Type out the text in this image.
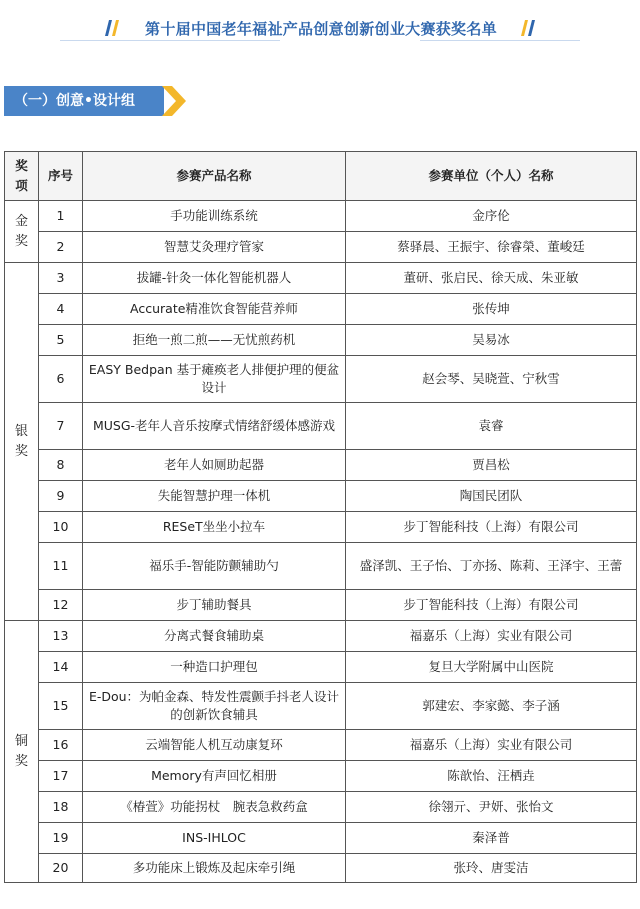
第十届中国老年福祉产品创意创新创业大赛获奖名单
（一）创意•设计组
奖项	序号	参赛产品名称	参赛单位（个人）名称

金
奖	1	手功能训练系统	金序伦
	2	智慧艾灸理疗管家	蔡驿晨、王振宇、徐睿榮、董峻廷

银
奖	3	拔罐-针灸一体化智能机器人	董研、张启民、徐天成、朱亚敏
	4	Accurate精准饮食智能营养师	张传坤
	5	拒绝一煎二煎——无忧煎药机	吴易冰
	6	EASY Bedpan 基于瘫痪老人排便护理的便盆设计	赵会琴、吴晓萱、宁秋雪
	7	MUSG-老年人音乐按摩式情绪舒缓体感游戏	袁睿
	8	老年人如厕助起器	贾昌松
	9	失能智慧护理一体机	陶国民团队
	10	RESeT坐坐小拉车	步丁智能科技（上海）有限公司
	11	福乐手-智能防颤辅助勺	盛泽凯、王子怡、丁亦扬、陈莉、王泽宇、王蕾
	12	步丁辅助餐具	步丁智能科技（上海）有限公司

铜
奖	13	分离式餐食辅助桌	福嘉乐（上海）实业有限公司
	14	一种造口护理包	复旦大学附属中山医院
	15	E-Dou：为帕金森、特发性震颤手抖老人设计的创新饮食辅具	郭建宏、李家懿、李子涵
	16	云端智能人机互动康复环	福嘉乐（上海）实业有限公司
	17	Memory有声回忆相册	陈歆怡、汪栖垚
	18	《椿萱》功能拐杖　腕表急救药盒	徐翎亓、尹妍、张怡文
	19	INS-IHLOC	秦泽普
	20	多功能床上锻炼及起床牵引绳	张玲、唐雯洁
